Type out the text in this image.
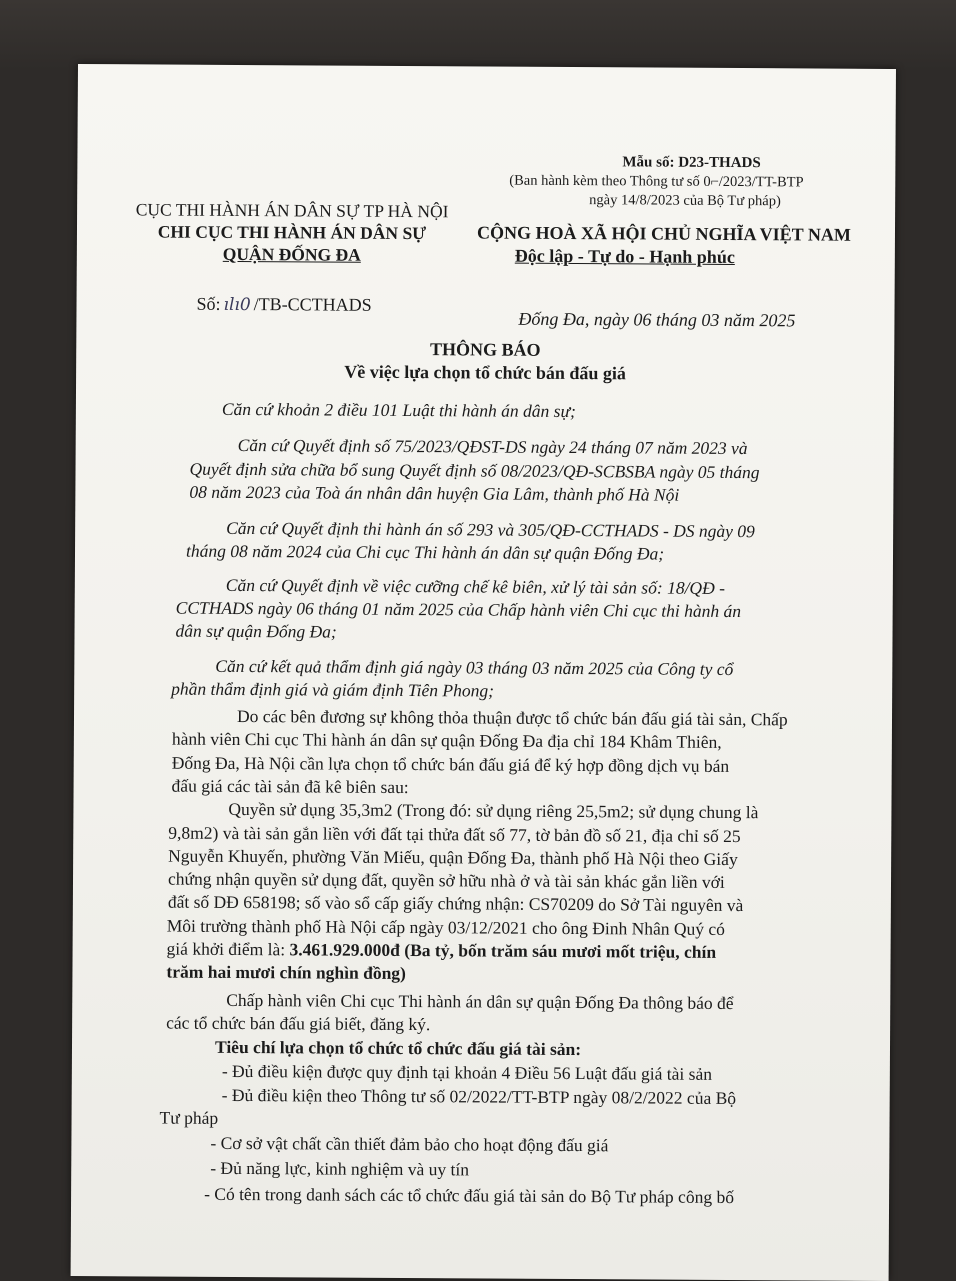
Mẫu số: D23-THADS
(Ban hành kèm theo Thông tư số 0⌐/2023/TT-BTP
ngày 14/8/2023 của Bộ Tư pháp)
CỤC THI HÀNH ÁN DÂN SỰ TP HÀ NỘI
CHI CỤC THI HÀNH ÁN DÂN SỰ
QUẬN ĐỐNG ĐA
CỘNG HOÀ XÃ HỘI CHỦ NGHĨA VIỆT NAM
Độc lập - Tự do - Hạnh phúc
Số: ılı0 /TB-CCTHADS
Đống Đa, ngày 06 tháng 03 năm 2025
THÔNG BÁO
Về việc lựa chọn tổ chức bán đấu giá
Căn cứ khoản 2 điều 101 Luật thi hành án dân sự;
Căn cứ Quyết định số 75/2023/QĐST-DS ngày 24 tháng 07 năm 2023 và
Quyết định sửa chữa bổ sung Quyết định số 08/2023/QĐ-SCBSBA ngày 05 tháng
08 năm 2023 của Toà án nhân dân huyện Gia Lâm, thành phố Hà Nội
Căn cứ Quyết định thi hành án số 293 và 305/QĐ-CCTHADS - DS ngày 09
tháng 08 năm 2024 của Chi cục Thi hành án dân sự quận Đống Đa;
Căn cứ Quyết định về việc cưỡng chế kê biên, xử lý tài sản số: 18/QĐ -
CCTHADS ngày 06 tháng 01 năm 2025 của Chấp hành viên Chi cục thi hành án
dân sự quận Đống Đa;
Căn cứ kết quả thẩm định giá ngày 03 tháng 03 năm 2025 của Công ty cổ
phần thẩm định giá và giám định Tiên Phong;
Do các bên đương sự không thỏa thuận được tổ chức bán đấu giá tài sản, Chấp
hành viên Chi cục Thi hành án dân sự quận Đống Đa địa chỉ 184 Khâm Thiên,
Đống Đa, Hà Nội cần lựa chọn tổ chức bán đấu giá để ký hợp đồng dịch vụ bán
đấu giá các tài sản đã kê biên sau:
Quyền sử dụng 35,3m2 (Trong đó: sử dụng riêng 25,5m2; sử dụng chung là
9,8m2) và tài sản gắn liền với đất tại thửa đất số 77, tờ bản đồ số 21, địa chỉ số 25
Nguyễn Khuyến, phường Văn Miếu, quận Đống Đa, thành phố Hà Nội theo Giấy
chứng nhận quyền sử dụng đất, quyền sở hữu nhà ở và tài sản khác gắn liền với
đất số DĐ 658198; số vào sổ cấp giấy chứng nhận: CS70209 do Sở Tài nguyên và
Môi trường thành phố Hà Nội cấp ngày 03/12/2021 cho ông Đinh Nhân Quý có
giá khởi điểm là: 3.461.929.000đ (Ba tỷ, bốn trăm sáu mươi mốt triệu, chín
trăm hai mươi chín nghìn đồng)
Chấp hành viên Chi cục Thi hành án dân sự quận Đống Đa thông báo để
các tổ chức bán đấu giá biết, đăng ký.
Tiêu chí lựa chọn tổ chức tổ chức đấu giá tài sản:
- Đủ điều kiện được quy định tại khoản 4 Điều 56 Luật đấu giá tài sản
- Đủ điều kiện theo Thông tư số 02/2022/TT-BTP ngày 08/2/2022 của Bộ
Tư pháp
- Cơ sở vật chất cần thiết đảm bảo cho hoạt động đấu giá
- Đủ năng lực, kinh nghiệm và uy tín
- Có tên trong danh sách các tổ chức đấu giá tài sản do Bộ Tư pháp công bố
